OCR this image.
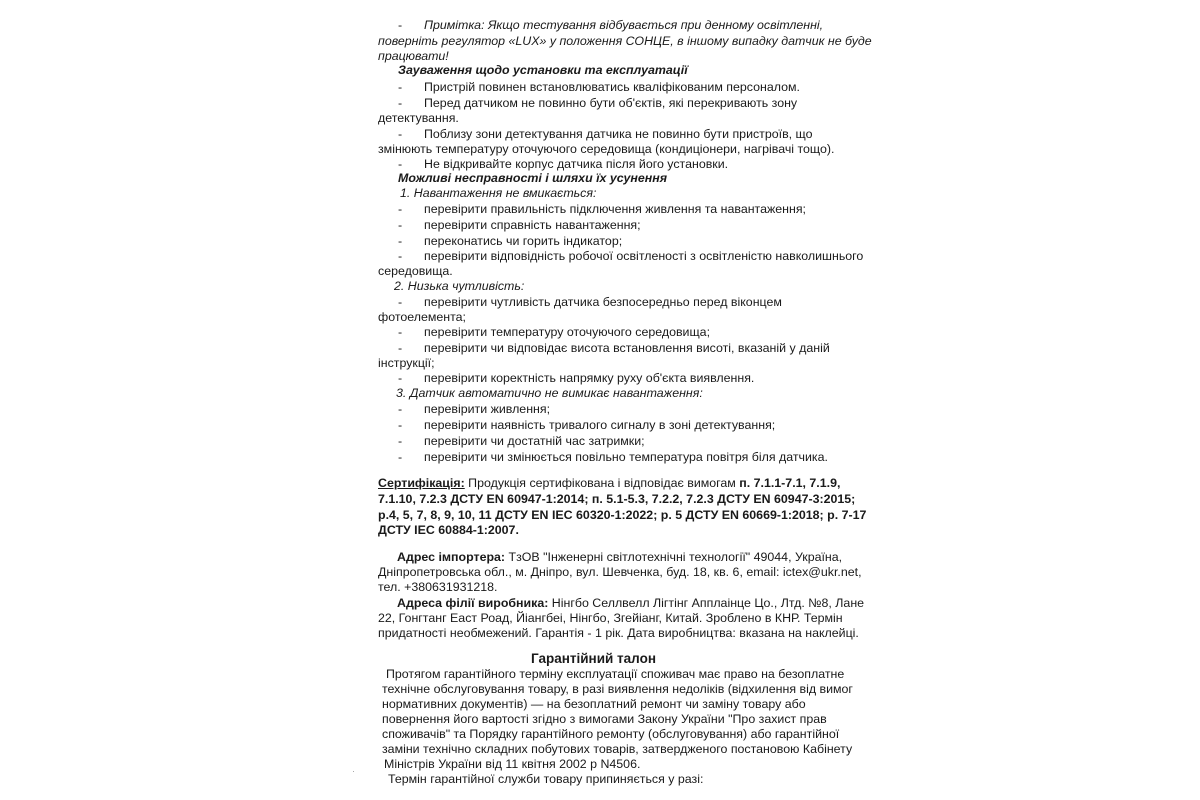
- Примітка: Якщо тестування відбувається при денному освітленні,
поверніть регулятор «LUX» у положення СОНЦЕ, в іншому випадку датчик не буде
працювати!
Зауваження щодо установки та експлуатації
- Пристрій повинен встановлюватись кваліфікованим персоналом.
- Перед датчиком не повинно бути об'єктів, які перекривають зону
детектування.
- Поблизу зони детектування датчика не повинно бути пристроїв, що
змінюють температуру оточуючого середовища (кондиціонери, нагрівачі тощо).
- Не відкривайте корпус датчика після його установки.
Можливі несправності і шляхи їх усунення
1. Навантаження не вмикається:
- перевірити правильність підключення живлення та навантаження;
- перевірити справність навантаження;
- переконатись чи горить індикатор;
- перевірити відповідність робочої освітленості з освітленістю навколишнього
середовища.
2. Низька чутливість:
- перевірити чутливість датчика безпосередньо перед віконцем
фотоелемента;
- перевірити температуру оточуючого середовища;
- перевірити чи відповідає висота встановлення висоті, вказаній у даній
інструкції;
- перевірити коректність напрямку руху об'єкта виявлення.
3. Датчик автоматично не вимикає навантаження:
- перевірити живлення;
- перевірити наявність тривалого сигналу в зоні детектування;
- перевірити чи достатній час затримки;
- перевірити чи змінюється повільно температура повітря біля датчика.
Сертифікація: Продукція сертифікована і відповідає вимогам п. 7.1.1-7.1, 7.1.9,
7.1.10, 7.2.3 ДСТУ EN 60947-1:2014; п. 5.1-5.3, 7.2.2, 7.2.3 ДСТУ EN 60947-3:2015;
р.4, 5, 7, 8, 9, 10, 11 ДСТУ EN IEC 60320-1:2022; р. 5 ДСТУ EN 60669-1:2018; р. 7-17
ДСТУ IEC 60884-1:2007.
Адрес імпортера: ТзОВ "Інженерні світлотехнічні технології" 49044, Україна,
Дніпропетровська обл., м. Дніпро, вул. Шевченка, буд. 18, кв. 6, email: ictex@ukr.net,
тел. +380631931218.
Адреса філії виробника: Нінгбо Селлвелл Лігтінг Апплаінце Цо., Лтд. №8, Ланe
22, Гонгтанг Еаст Роад, Йіангбеі, Нінгбо, Згейіанг, Китай. Зроблено в КНР. Термін
придатності необмежений. Гарантія - 1 рік. Дата виробництва: вказана на наклейці.
Гарантійний талон
Протягом гарантійного терміну експлуатації споживач має право на безоплатне
технічне обслуговування товару, в разі виявлення недоліків (відхилення від вимог
нормативних документів) — на безоплатний ремонт чи заміну товару або
повернення його вартості згідно з вимогами Закону України "Про захист прав
споживачів" та Порядку гарантійного ремонту (обслуговування) або гарантійної
заміни технічно складних побутових товарів, затвердженого постановою Кабінету
Міністрів України від 11 квітня 2002 р N4506.
Термін гарантійної служби товару припиняється у разі:
·
